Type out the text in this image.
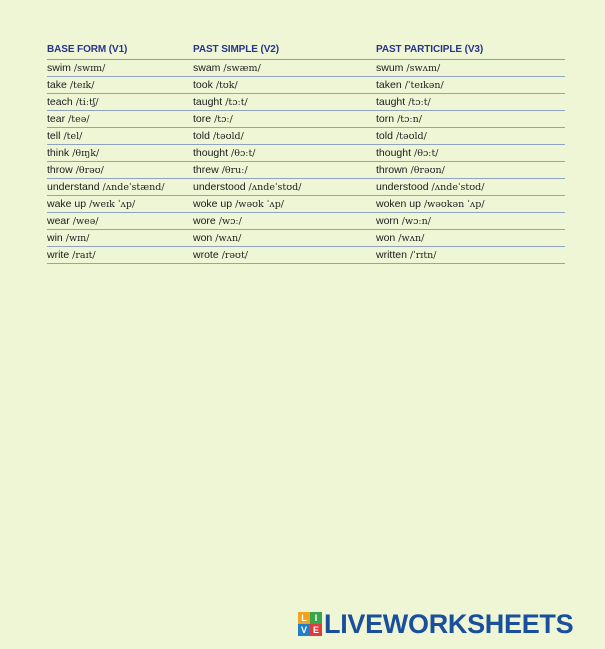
BASE FORM (V1)	PAST SIMPLE (V2)	PAST PARTICIPLE (V3)
swim /swɪm/	swam /swæm/	swum /swʌm/
take /teɪk/	took /tʊk/	taken /ˈteɪkən/
teach /tiːtʃ/	taught /tɔːt/	taught /tɔːt/
tear /teə/	tore /tɔː/	torn /tɔːn/
tell /tel/	told /təʊld/	told /təʊld/
think /θɪŋk/	thought /θɔːt/	thought /θɔːt/
throw /θrəʊ/	threw /θruː/	thrown /θrəʊn/
understand /ʌndeˈstænd/	understood /ʌndeˈstʊd/	understood /ʌndeˈstʊd/
wake up /weɪk ˈʌp/	woke up /wəʊk ˈʌp/	woken up /wəʊkən ˈʌp/
wear /weə/	wore /wɔː/	worn /wɔːn/
win /wɪn/	won /wʌn/	won /wʌn/
write /raɪt/	wrote /rəʊt/	written /ˈrɪtn/
L I
V E LIVEWORKSHEETS
